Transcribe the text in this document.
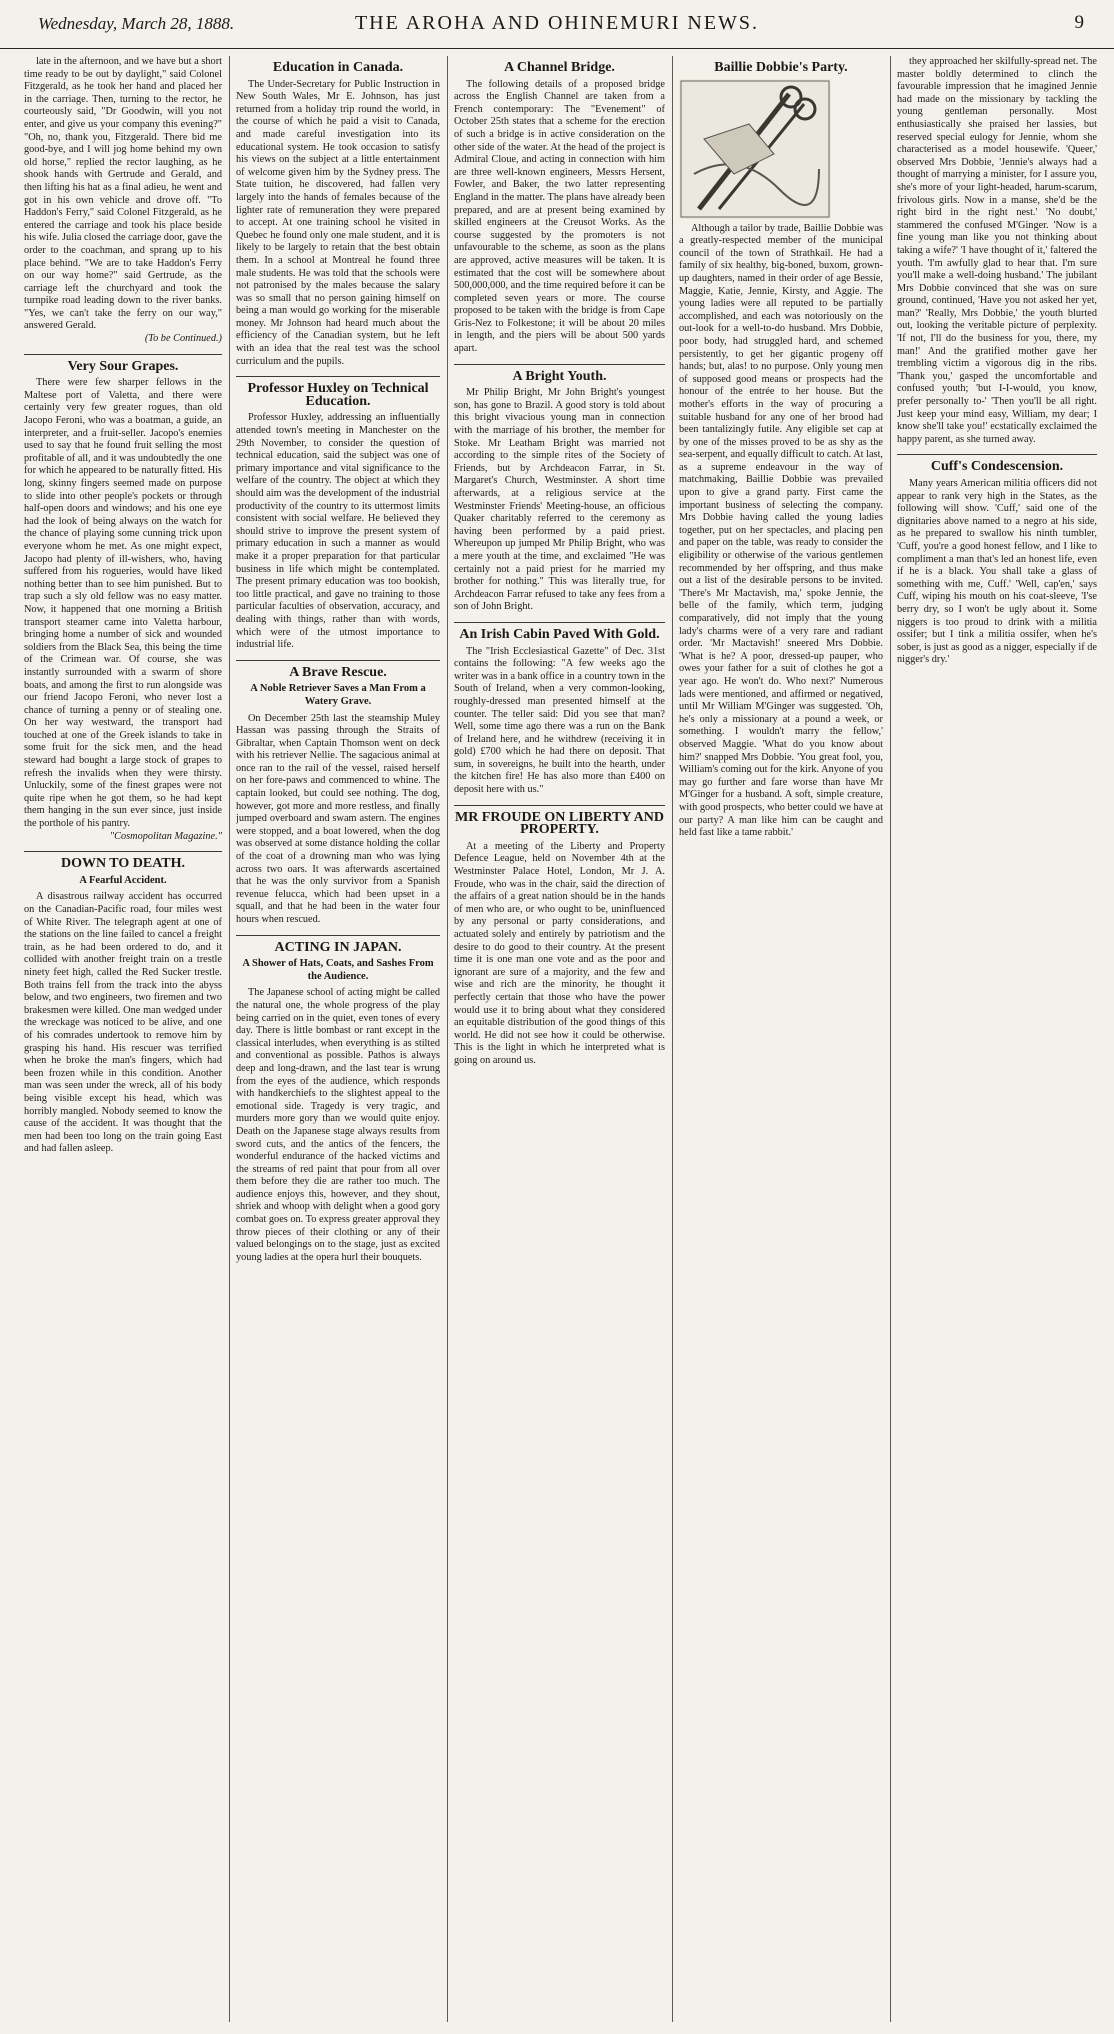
Wednesday, March 28, 1888.	THE AROHA AND OHINEMURI NEWS.	9

late in the afternoon, and we have but a short time ready to be out by daylight," said Colonel Fitzgerald, as he took her hand and placed her in the carriage. Then, turning to the rector, he courteously said, "Dr Goodwin, will you not enter, and give us your company this evening?" "Oh, no, thank you, Fitzgerald. There bid me good-bye, and I will jog home behind my own old horse," replied the rector laughing, as he shook hands with Gertrude and Gerald, and then lifting his hat as a final adieu, he went and got in his own vehicle and drove off. "To Haddon's Ferry," said Colonel Fitzgerald, as he entered the carriage and took his place beside his wife. Julia closed the carriage door, gave the order to the coachman, and sprang up to his place behind. "We are to take Haddon's Ferry on our way home?" said Gertrude, as the carriage left the churchyard and took the turnpike road leading down to the river banks. "Yes, we can't take the ferry on our way," answered Gerald.

(To be Continued.)
Very Sour Grapes.

There were few sharper fellows in the Maltese port of Valetta, and there were certainly very few greater rogues, than old Jacopo Feroni, who was a boatman, a guide, an interpreter, and a fruit-seller. Jacopo's enemies used to say that he found fruit selling the most profitable of all, and it was undoubtedly the one for which he appeared to be naturally fitted. His long, skinny fingers seemed made on purpose to slide into other people's pockets or through half-open doors and windows; and his one eye had the look of being always on the watch for the chance of playing some cunning trick upon everyone whom he met. As one might expect, Jacopo had plenty of ill-wishers, who, having suffered from his rogueries, would have liked nothing better than to see him punished. But to trap such a sly old fellow was no easy matter. Now, it happened that one morning a British transport steamer came into Valetta harbour, bringing home a number of sick and wounded soldiers from the Black Sea, this being the time of the Crimean war. Of course, she was instantly surrounded with a swarm of shore boats, and among the first to run alongside was our friend Jacopo Feroni, who never lost a chance of turning a penny or of stealing one. On her way westward, the transport had touched at one of the Greek islands to take in some fruit for the sick men, and the head steward had bought a large stock of grapes to refresh the invalids when they were thirsty. Unluckily, some of the finest grapes were not quite ripe when he got them, so he had kept them hanging in the sun ever since, just inside the porthole of his pantry.

"Cosmopolitan Magazine."
DOWN TO DEATH.
A Fearful Accident.

A disastrous railway accident has occurred on the Canadian-Pacific road, four miles west of White River. The telegraph agent at one of the stations on the line failed to cancel a freight train, as he had been ordered to do, and it collided with another freight train on a trestle ninety feet high, called the Red Sucker trestle. Both trains fell from the track into the abyss below, and two engineers, two firemen and two brakesmen were killed. One man wedged under the wreckage was noticed to be alive, and one of his comrades undertook to remove him by grasping his hand. His rescuer was terrified when he broke the man's fingers, which had been frozen while in this condition. Another man was seen under the wreck, all of his body being visible except his head, which was horribly mangled. Nobody seemed to know the cause of the accident. It was thought that the men had been too long on the train going East and had fallen asleep.

Education in Canada.

The Under-Secretary for Public Instruction in New South Wales, Mr E. Johnson, has just returned from a holiday trip round the world, in the course of which he paid a visit to Canada, and made careful investigation into its educational system. He took occasion to satisfy his views on the subject at a little entertainment of welcome given him by the Sydney press. The State tuition, he discovered, had fallen very largely into the hands of females because of the lighter rate of remuneration they were prepared to accept. At one training school he visited in Quebec he found only one male student, and it is likely to be largely to retain that the best obtain them. In a school at Montreal he found three male students. He was told that the schools were not patronised by the males because the salary was so small that no person gaining himself on being a man would go working for the miserable money. Mr Johnson had heard much about the efficiency of the Canadian system, but he left with an idea that the real test was the school curriculum and the pupils.

Professor Huxley on Technical Education.

Professor Huxley, addressing an influentially attended town's meeting in Manchester on the 29th November, to consider the question of technical education, said the subject was one of primary importance and vital significance to the welfare of the country. The object at which they should aim was the development of the industrial productivity of the country to its uttermost limits consistent with social welfare. He believed they should strive to improve the present system of primary education in such a manner as would make it a proper preparation for that particular business in life which might be contemplated. The present primary education was too bookish, too little practical, and gave no training to those particular faculties of observation, accuracy, and dealing with things, rather than with words, which were of the utmost importance to industrial life.

A Brave Rescue.
A Noble Retriever Saves a Man From a Watery Grave.

On December 25th last the steamship Muley Hassan was passing through the Straits of Gibraltar, when Captain Thomson went on deck with his retriever Nellie. The sagacious animal at once ran to the rail of the vessel, raised herself on her fore-paws and commenced to whine. The captain looked, but could see nothing. The dog, however, got more and more restless, and finally jumped overboard and swam astern. The engines were stopped, and a boat lowered, when the dog was observed at some distance holding the collar of the coat of a drowning man who was lying across two oars. It was afterwards ascertained that he was the only survivor from a Spanish revenue felucca, which had been upset in a squall, and that he had been in the water four hours when rescued.

ACTING IN JAPAN.
A Shower of Hats, Coats, and Sashes From the Audience.

The Japanese school of acting might be called the natural one, the whole progress of the play being carried on in the quiet, even tones of every day. There is little bombast or rant except in the classical interludes, when everything is as stilted and conventional as possible. Pathos is always deep and long-drawn, and the last tear is wrung from the eyes of the audience, which responds with handkerchiefs to the slightest appeal to the emotional side. Tragedy is very tragic, and murders more gory than we would quite enjoy. Death on the Japanese stage always results from sword cuts, and the antics of the fencers, the wonderful endurance of the hacked victims and the streams of red paint that pour from all over them before they die are rather too much. The audience enjoys this, however, and they shout, shriek and whoop with delight when a good gory combat goes on. To express greater approval they throw pieces of their clothing or any of their valued belongings on to the stage, just as excited young ladies at the opera hurl their bouquets.

A Channel Bridge.

The following details of a proposed bridge across the English Channel are taken from a French contemporary: The "Evenement" of October 25th states that a scheme for the erection of such a bridge is in active consideration on the other side of the water. At the head of the project is Admiral Cloue, and acting in connection with him are three well-known engineers, Messrs Hersent, Fowler, and Baker, the two latter representing England in the matter. The plans have already been prepared, and are at present being examined by skilled engineers at the Creusot Works. As the course suggested by the promoters is not unfavourable to the scheme, as soon as the plans are approved, active measures will be taken. It is estimated that the cost will be somewhere about 500,000,000, and the time required before it can be completed seven years or more. The course proposed to be taken with the bridge is from Cape Gris-Nez to Folkestone; it will be about 20 miles in length, and the piers will be about 500 yards apart.

A Bright Youth.

Mr Philip Bright, Mr John Bright's youngest son, has gone to Brazil. A good story is told about this bright vivacious young man in connection with the marriage of his brother, the member for Stoke. Mr Leatham Bright was married not according to the simple rites of the Society of Friends, but by Archdeacon Farrar, in St. Margaret's Church, Westminster. A short time afterwards, at a religious service at the Westminster Friends' Meeting-house, an officious Quaker charitably referred to the ceremony as having been performed by a paid priest. Whereupon up jumped Mr Philip Bright, who was a mere youth at the time, and exclaimed "He was certainly not a paid priest for he married my brother for nothing." This was literally true, for Archdeacon Farrar refused to take any fees from a son of John Bright.

An Irish Cabin Paved With Gold.

The "Irish Ecclesiastical Gazette" of Dec. 31st contains the following: "A few weeks ago the writer was in a bank office in a country town in the South of Ireland, when a very common-looking, roughly-dressed man presented himself at the counter. The teller said: Did you see that man? Well, some time ago there was a run on the Bank of Ireland here, and he withdrew (receiving it in gold) £700 which he had there on deposit. That sum, in sovereigns, he built into the hearth, under the kitchen fire! He has also more than £400 on deposit here with us."

MR FROUDE ON LIBERTY AND PROPERTY.

At a meeting of the Liberty and Property Defence League, held on November 4th at the Westminster Palace Hotel, London, Mr J. A. Froude, who was in the chair, said the direction of the affairs of a great nation should be in the hands of men who are, or who ought to be, uninfluenced by any personal or party considerations, and actuated solely and entirely by patriotism and the desire to do good to their country. At the present time it is one man one vote and as the poor and ignorant are sure of a majority, and the few and wise and rich are the minority, he thought it perfectly certain that those who have the power would use it to bring about what they considered an equitable distribution of the good things of this world. He did not see how it could be otherwise. This is the light in which he interpreted what is going on around us.

Baillie Dobbie's Party.

Although a tailor by trade, Baillie Dobbie was a greatly-respected member of the municipal council of the town of Strathkail. He had a family of six healthy, big-boned, buxom, grown-up daughters, named in their order of age Bessie, Maggie, Katie, Jennie, Kirsty, and Aggie. The young ladies were all reputed to be partially accomplished, and each was notoriously on the out-look for a well-to-do husband. Mrs Dobbie, poor body, had struggled hard, and schemed persistently, to get her gigantic progeny off hands; but, alas! to no purpose. Only young men of supposed good means or prospects had the honour of the entrée to her house. But the mother's efforts in the way of procuring a suitable husband for any one of her brood had been tantalizingly futile. Any eligible set cap at by one of the misses proved to be as shy as the sea-serpent, and equally difficult to catch. At last, as a supreme endeavour in the way of matchmaking, Baillie Dobbie was prevailed upon to give a grand party. First came the important business of selecting the company. Mrs Dobbie having called the young ladies together, put on her spectacles, and placing pen and paper on the table, was ready to consider the eligibility or otherwise of the various gentlemen recommended by her offspring, and thus make out a list of the desirable persons to be invited. 'There's Mr Mactavish, ma,' spoke Jennie, the belle of the family, which term, judging comparatively, did not imply that the young lady's charms were of a very rare and radiant order. 'Mr Mactavish!' sneered Mrs Dobbie. 'What is he? A poor, dressed-up pauper, who owes your father for a suit of clothes he got a year ago. He won't do. Who next?' Numerous lads were mentioned, and affirmed or negatived, until Mr William M'Ginger was suggested. 'Oh, he's only a missionary at a pound a week, or something. I wouldn't marry the fellow,' observed Maggie. 'What do you know about him?' snapped Mrs Dobbie. 'You great fool, you, William's coming out for the kirk. Anyone of you may go further and fare worse than have Mr M'Ginger for a husband. A soft, simple creature, with good prospects, who better could we have at our party? A man like him can be caught and held fast like a tame rabbit.'

they approached her skilfully-spread net. The master boldly determined to clinch the favourable impression that he imagined Jennie had made on the missionary by tackling the young gentleman personally. Most enthusiastically she praised her lassies, but reserved special eulogy for Jennie, whom she characterised as a model housewife. 'Queer,' observed Mrs Dobbie, 'Jennie's always had a thought of marrying a minister, for I assure you, she's more of your light-headed, harum-scarum, frivolous girls. Now in a manse, she'd be the right bird in the right nest.' 'No doubt,' stammered the confused M'Ginger. 'Now is a fine young man like you not thinking about taking a wife?' 'I have thought of it,' faltered the youth. 'I'm awfully glad to hear that. I'm sure you'll make a well-doing husband.' The jubilant Mrs Dobbie convinced that she was on sure ground, continued, 'Have you not asked her yet, man?' 'Really, Mrs Dobbie,' the youth blurted out, looking the veritable picture of perplexity. 'If not, I'll do the business for you, there, my man!' And the gratified mother gave her trembling victim a vigorous dig in the ribs. 'Thank you,' gasped the uncomfortable and confused youth; 'but I-I-would, you know, prefer personally to-' 'Then you'll be all right. Just keep your mind easy, William, my dear; I know she'll take you!' ecstatically exclaimed the happy parent, as she turned away.

Cuff's Condescension.

Many years American militia officers did not appear to rank very high in the States, as the following will show. 'Cuff,' said one of the dignitaries above named to a negro at his side, as he prepared to swallow his ninth tumbler, 'Cuff, you're a good honest fellow, and I like to compliment a man that's led an honest life, even if he is a black. You shall take a glass of something with me, Cuff.' 'Well, cap'en,' says Cuff, wiping his mouth on his coat-sleeve, 'I'se berry dry, so I won't be ugly about it. Some niggers is too proud to drink with a militia ossifer; but I tink a militia ossifer, when he's sober, is just as good as a nigger, especially if de nigger's dry.'
